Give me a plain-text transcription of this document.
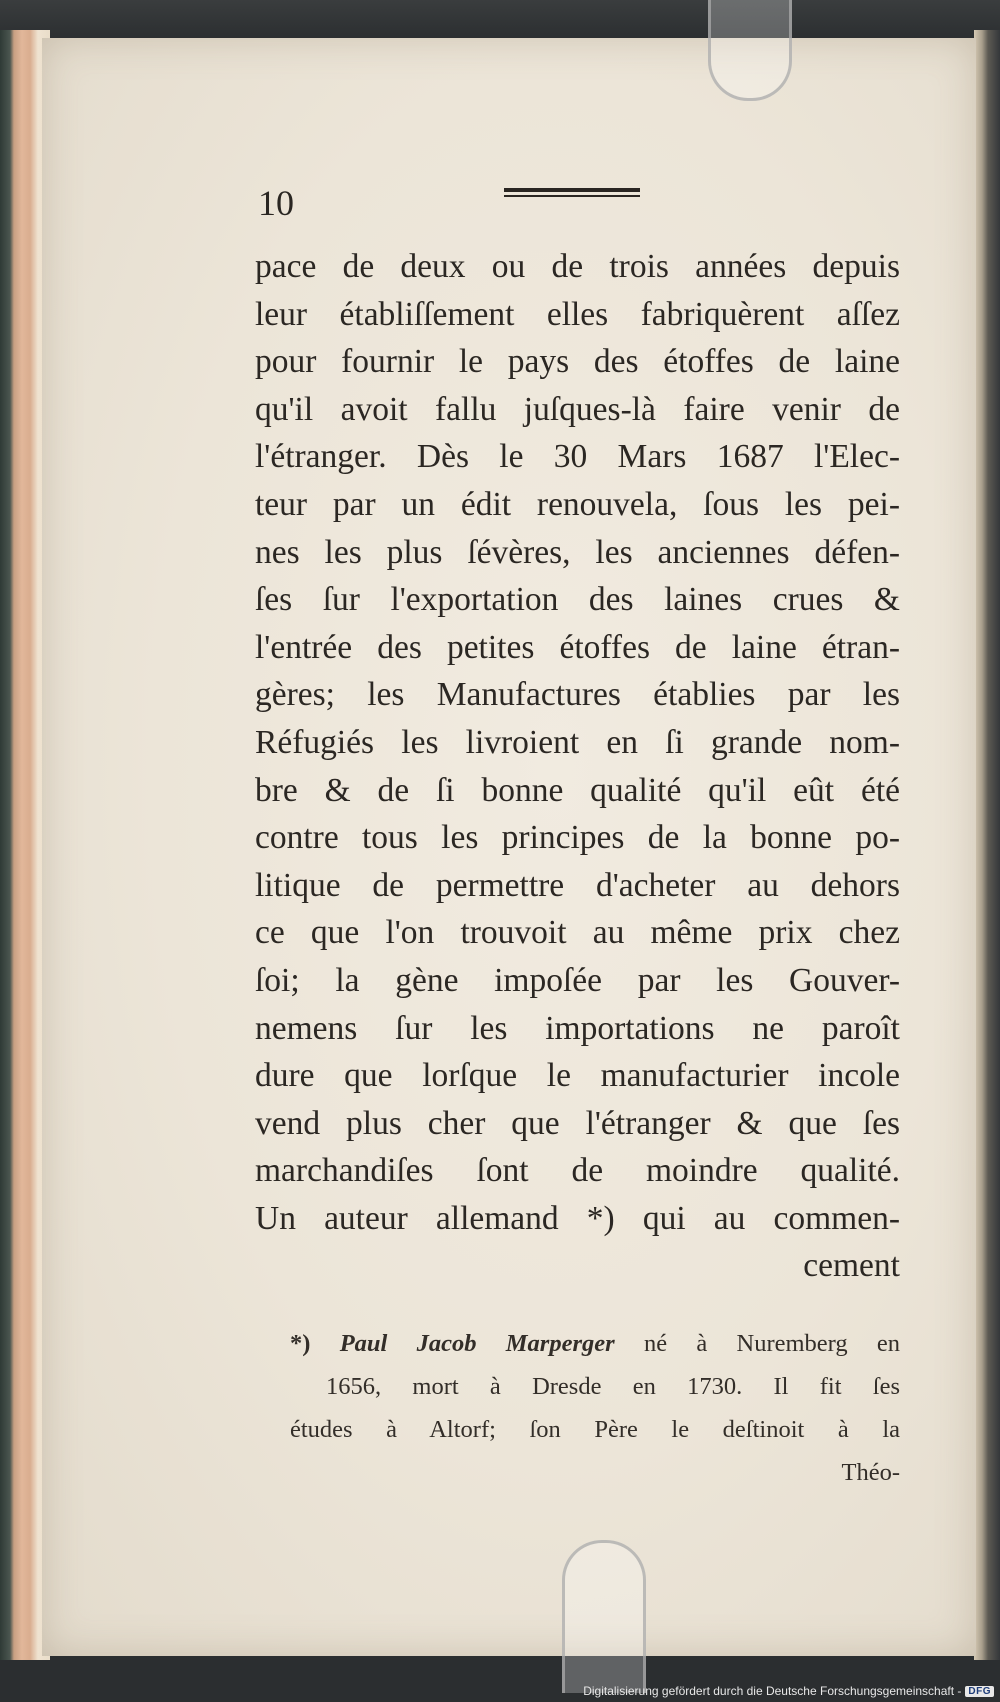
10
pace de deux ou de trois années depuis
leur établiſſement elles fabriquèrent aſſez
pour fournir le pays des étoffes de laine
qu'il avoit fallu juſques-là faire venir de
l'étranger. Dès le 30 Mars 1687 l'Elec-
teur par un édit renouvela, ſous les pei-
nes les plus ſévères, les anciennes défen-
ſes ſur l'exportation des laines crues &
l'entrée des petites étoffes de laine étran-
gères; les Manufactures établies par les
Réfugiés les livroient en ſi grande nom-
bre & de ſi bonne qualité qu'il eût été
contre tous les principes de la bonne po-
litique de permettre d'acheter au dehors
ce que l'on trouvoit au même prix chez
ſoi; la gène impoſée par les Gouver-
nemens ſur les importations ne paroît
dure que lorſque le manufacturier incole
vend plus cher que l'étranger & que ſes
marchandiſes ſont de moindre qualité.
Un auteur allemand *) qui au commen-
cement
*) Paul Jacob Marperger né à Nuremberg en
1656, mort à Dresde en 1730. Il fit ſes
études à Altorf; ſon Père le deſtinoit à la
Théo-
Digitalisierung gefördert durch die Deutsche Forschungsgemeinschaft - DFG
